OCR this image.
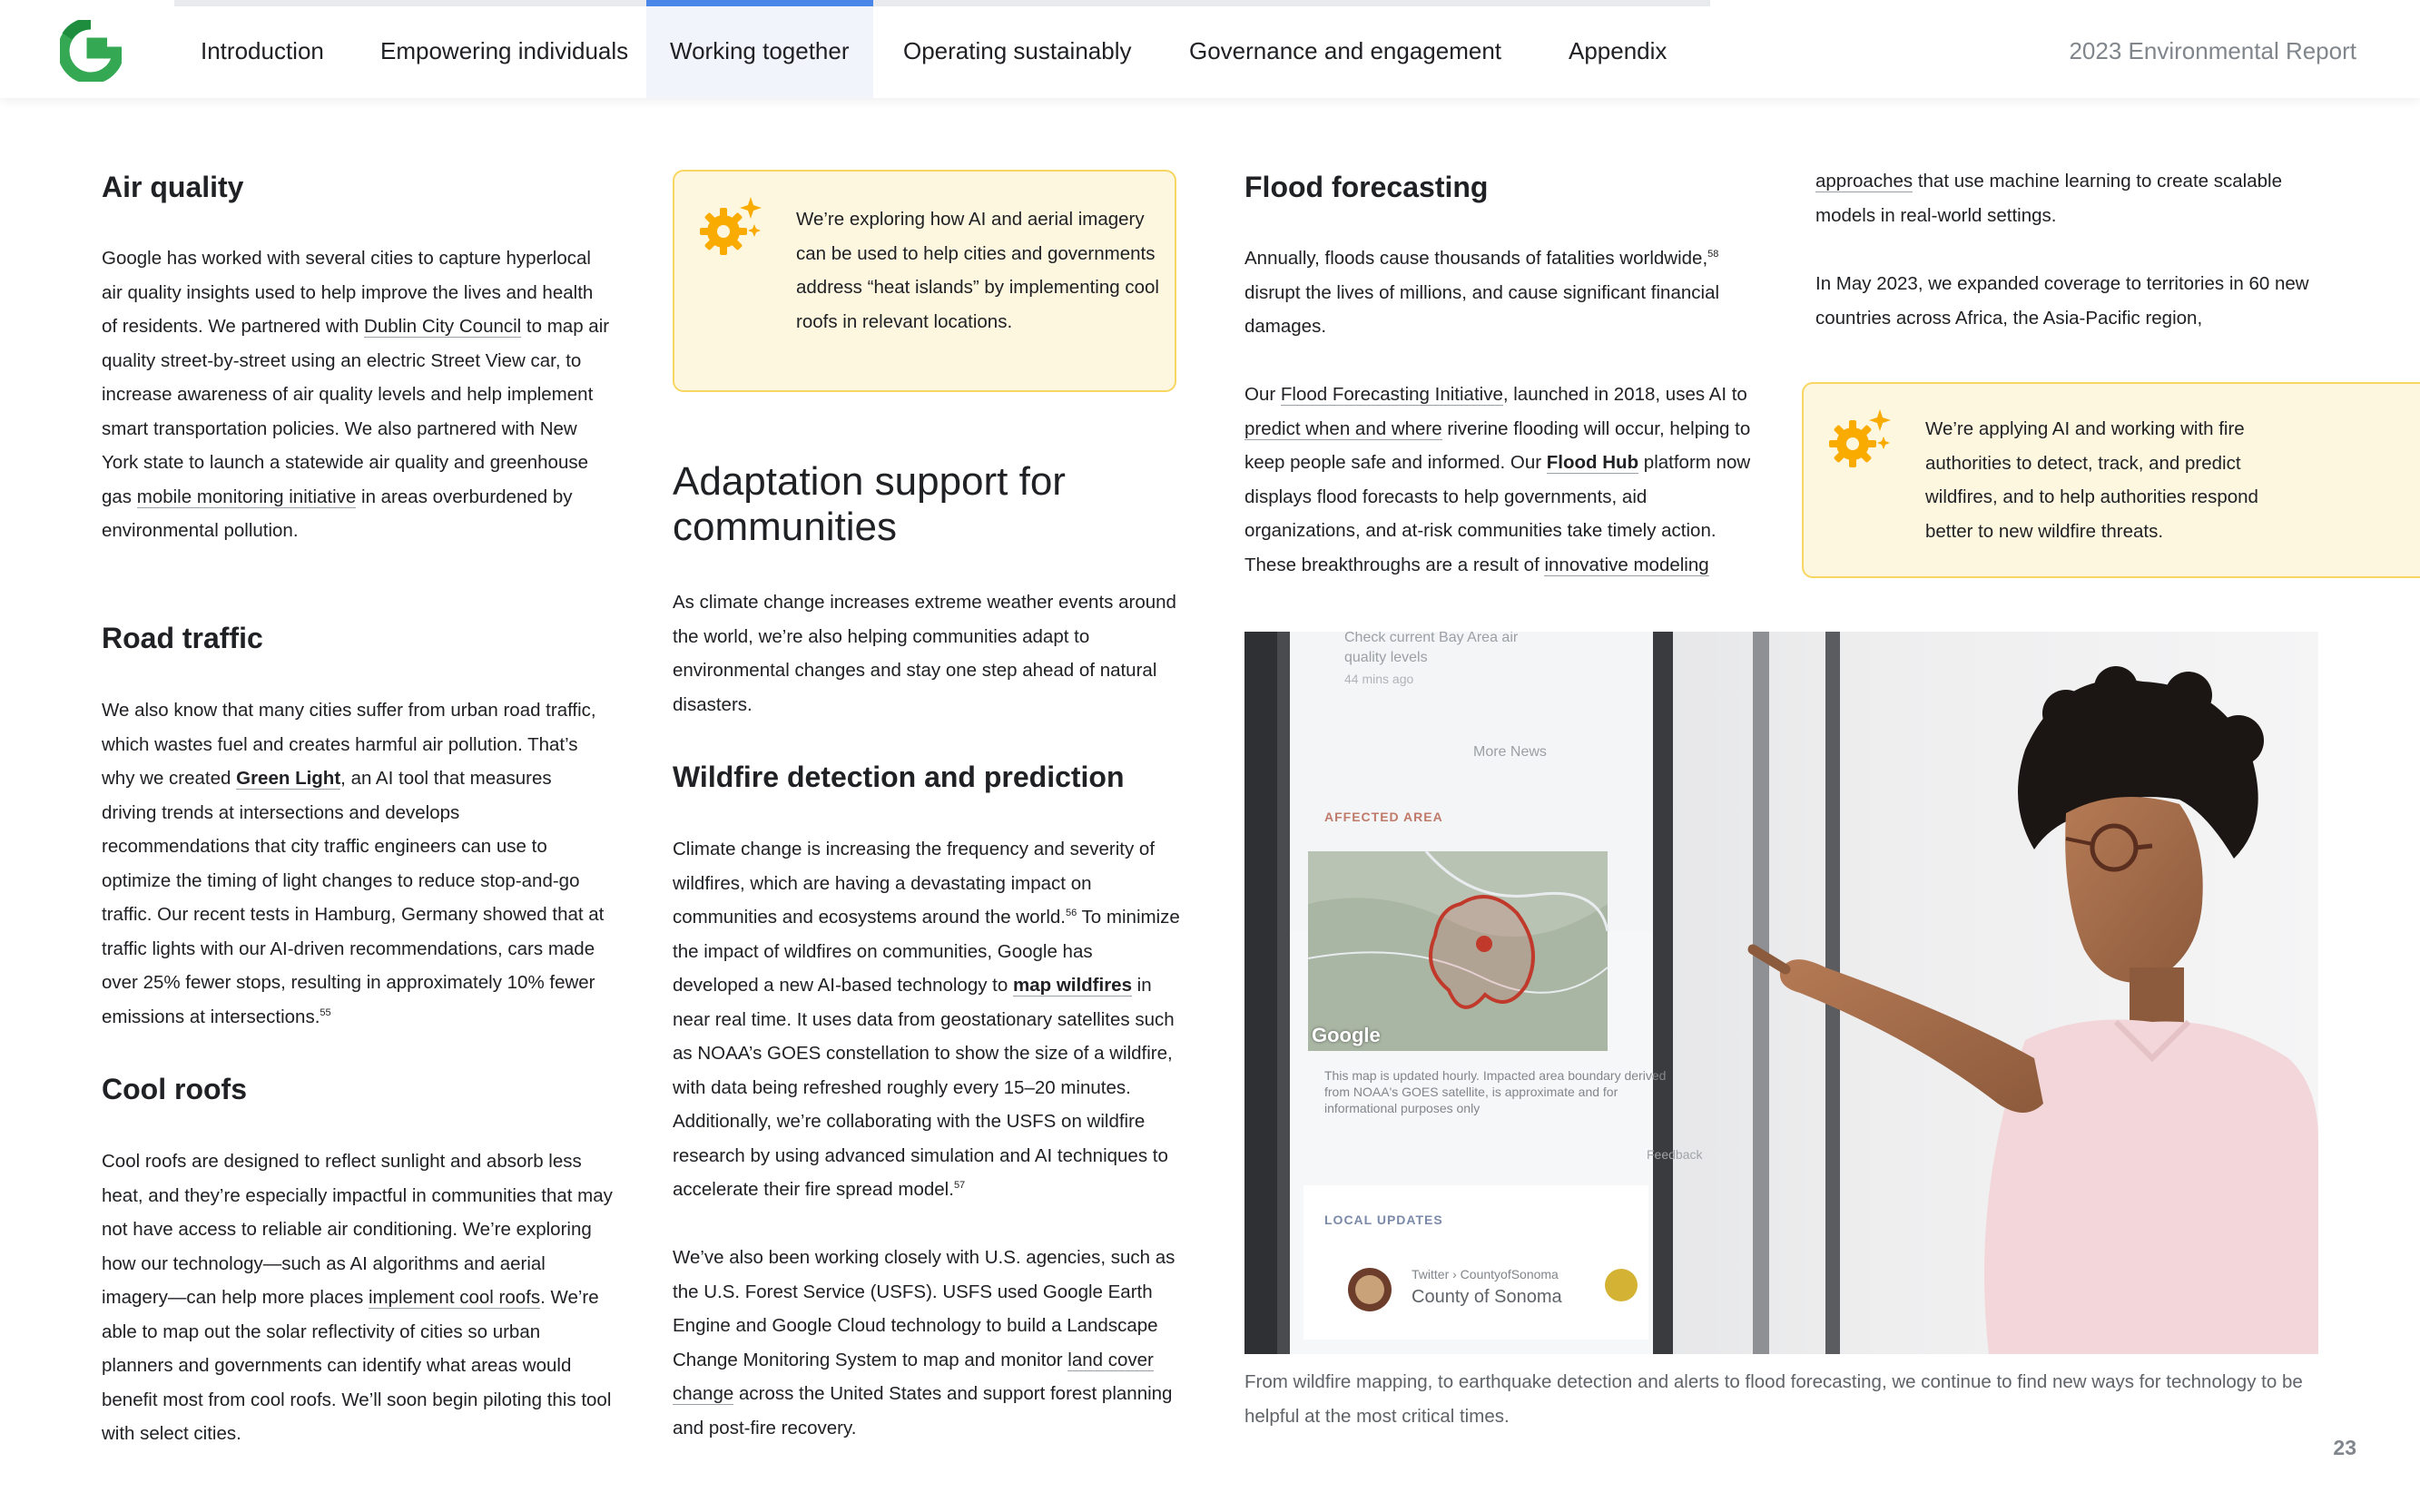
Introduction	Empowering individuals	Working together	Operating sustainably	Governance and engagement	Appendix	2023 Environmental Report
Air quality

Google has worked with several cities to capture hyperlocal air quality insights used to help improve the lives and health of residents. We partnered with Dublin City Council to map air quality street-by-street using an electric Street View car, to increase awareness of air quality levels and help implement smart transportation policies. We also partnered with New York state to launch a statewide air quality and greenhouse gas mobile monitoring initiative in areas overburdened by environmental pollution.

Road traffic

We also know that many cities suffer from urban road traffic, which wastes fuel and creates harmful air pollution. That’s why we created Green Light, an AI tool that measures driving trends at intersections and develops recommendations that city traffic engineers can use to optimize the timing of light changes to reduce stop-and-go traffic. Our recent tests in Hamburg, Germany showed that at traffic lights with our AI-driven recommendations, cars made over 25% fewer stops, resulting in approximately 10% fewer emissions at intersections.$^{55}$

Cool roofs

Cool roofs are designed to reflect sunlight and absorb less heat, and they’re especially impactful in communities that may not have access to reliable air conditioning. We’re exploring how our technology—such as AI algorithms and aerial imagery—can help more places implement cool roofs. We’re able to map out the solar reflectivity of cities so urban planners and governments can identify what areas would benefit most from cool roofs. We’ll soon begin piloting this tool with select cities.

We’re exploring how AI and aerial imagery can be used to help cities and governments address “heat islands” by implementing cool roofs in relevant locations.

Adaptation support for communities

As climate change increases extreme weather events around the world, we’re also helping communities adapt to environmental changes and stay one step ahead of natural disasters.

Wildfire detection and prediction

Climate change is increasing the frequency and severity of wildfires, which are having a devastating impact on communities and ecosystems around the world.$^{56}$ To minimize the impact of wildfires on communities, Google has developed a new AI-based technology to map wildfires in near real time. It uses data from geostationary satellites such as NOAA’s GOES constellation to show the size of a wildfire, with data being refreshed roughly every 15–20 minutes. Additionally, we’re collaborating with the USFS on wildfire research by using advanced simulation and AI techniques to accelerate their fire spread model.$^{57}$

We’ve also been working closely with U.S. agencies, such as the U.S. Forest Service (USFS). USFS used Google Earth Engine and Google Cloud technology to build a Landscape Change Monitoring System to map and monitor land cover change across the United States and support forest planning and post-fire recovery.

Flood forecasting

Annually, floods cause thousands of fatalities worldwide,$^{58}$ disrupt the lives of millions, and cause significant financial damages.

Our Flood Forecasting Initiative, launched in 2018, uses AI to predict when and where riverine flooding will occur, helping to keep people safe and informed. Our Flood Hub platform now displays flood forecasts to help governments, aid organizations, and at-risk communities take timely action. These breakthroughs are a result of innovative modeling

approaches that use machine learning to create scalable models in real-world settings.

In May 2023, we expanded coverage to territories in 60 new countries across Africa, the Asia-Pacific region,

We’re applying AI and working with fire authorities to detect, track, and predict wildfires, and to help authorities respond better to new wildfire threats.

Check current Bay Area air quality levels
44 mins ago
More News
AFFECTED AREA
Google
This map is updated hourly. Impacted area boundary derived from NOAA's GOES satellite, is approximate and for informational purposes only
Feedback
LOCAL UPDATES
Twitter › CountyofSonoma
County of Sonoma

From wildfire mapping, to earthquake detection and alerts to flood forecasting, we continue to find new ways for technology to be helpful at the most critical times.

23
